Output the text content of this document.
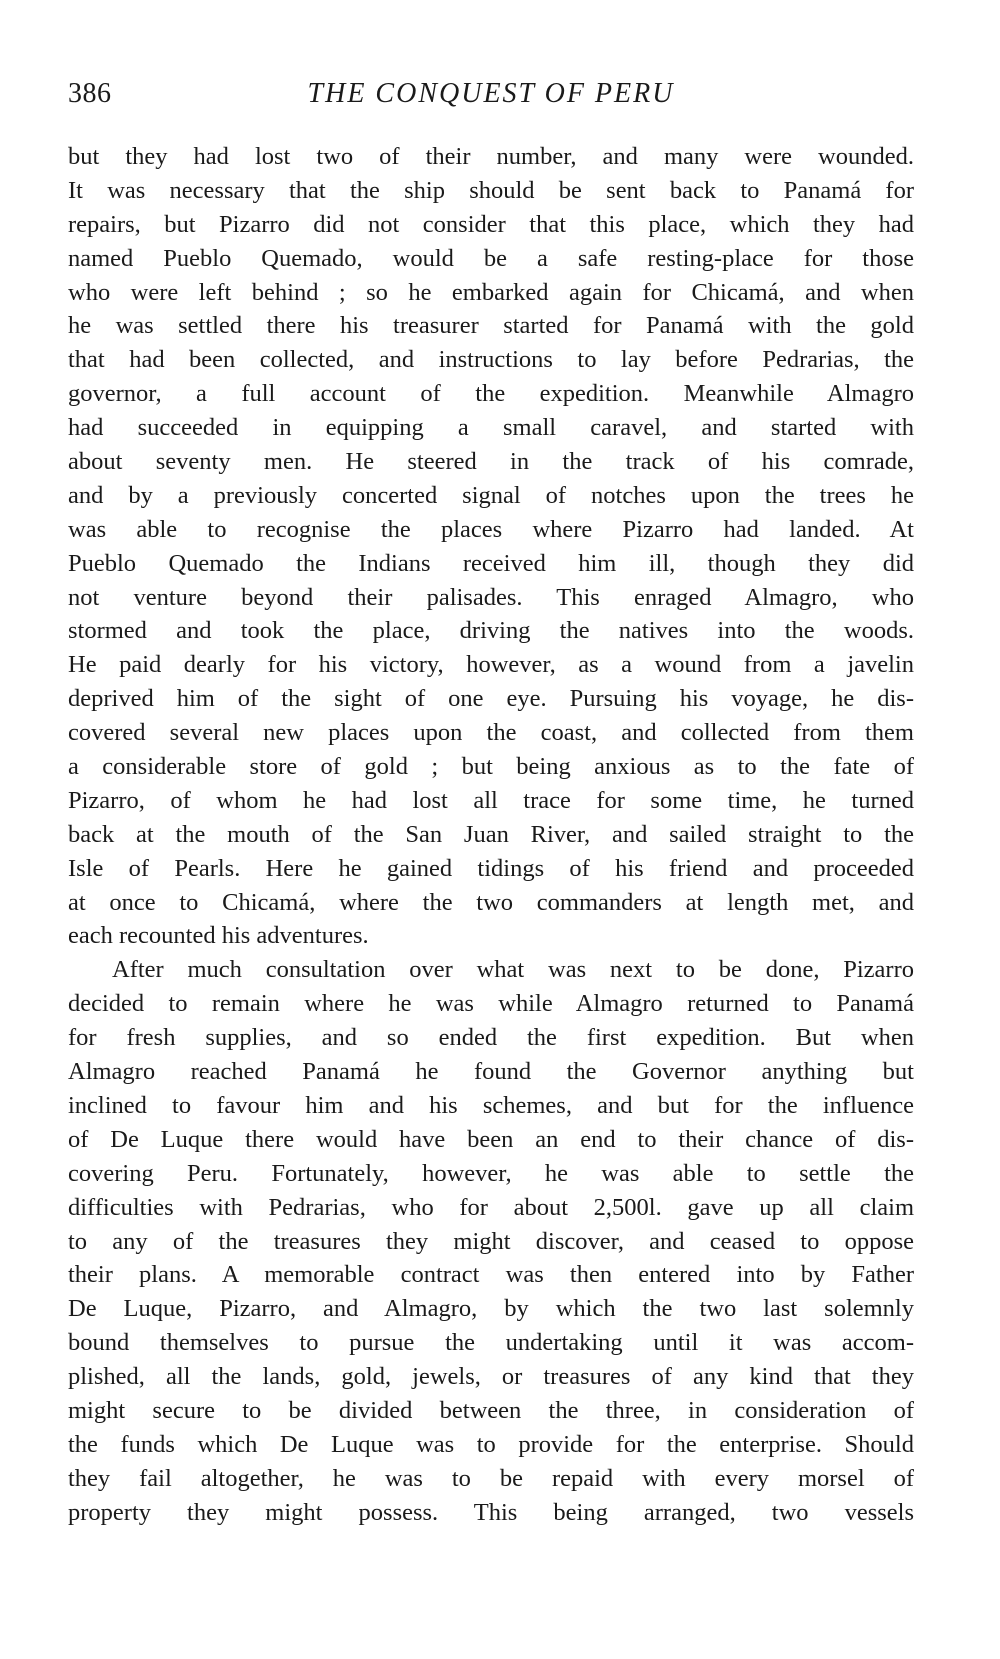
386	THE CONQUEST OF PERU
but they had lost two of their number, and many were wounded.
It was necessary that the ship should be sent back to Panamá for
repairs, but Pizarro did not consider that this place, which they had
named Pueblo Quemado, would be a safe resting-place for those
who were left behind ; so he embarked again for Chicamá, and when
he was settled there his treasurer started for Panamá with the gold
that had been collected, and instructions to lay before Pedrarias, the
governor, a full account of the expedition. Meanwhile Almagro
had succeeded in equipping a small caravel, and started with
about seventy men. He steered in the track of his comrade,
and by a previously concerted signal of notches upon the trees he
was able to recognise the places where Pizarro had landed. At
Pueblo Quemado the Indians received him ill, though they did
not venture beyond their palisades. This enraged Almagro, who
stormed and took the place, driving the natives into the woods.
He paid dearly for his victory, however, as a wound from a javelin
deprived him of the sight of one eye. Pursuing his voyage, he dis-
covered several new places upon the coast, and collected from them
a considerable store of gold ; but being anxious as to the fate of
Pizarro, of whom he had lost all trace for some time, he turned
back at the mouth of the San Juan River, and sailed straight to the
Isle of Pearls. Here he gained tidings of his friend and proceeded
at once to Chicamá, where the two commanders at length met, and
each recounted his adventures.
After much consultation over what was next to be done, Pizarro
decided to remain where he was while Almagro returned to Panamá
for fresh supplies, and so ended the first expedition. But when
Almagro reached Panamá he found the Governor anything but
inclined to favour him and his schemes, and but for the influence
of De Luque there would have been an end to their chance of dis-
covering Peru. Fortunately, however, he was able to settle the
difficulties with Pedrarias, who for about 2,500l. gave up all claim
to any of the treasures they might discover, and ceased to oppose
their plans. A memorable contract was then entered into by Father
De Luque, Pizarro, and Almagro, by which the two last solemnly
bound themselves to pursue the undertaking until it was accom-
plished, all the lands, gold, jewels, or treasures of any kind that they
might secure to be divided between the three, in consideration of
the funds which De Luque was to provide for the enterprise. Should
they fail altogether, he was to be repaid with every morsel of
property they might possess. This being arranged, two vessels
